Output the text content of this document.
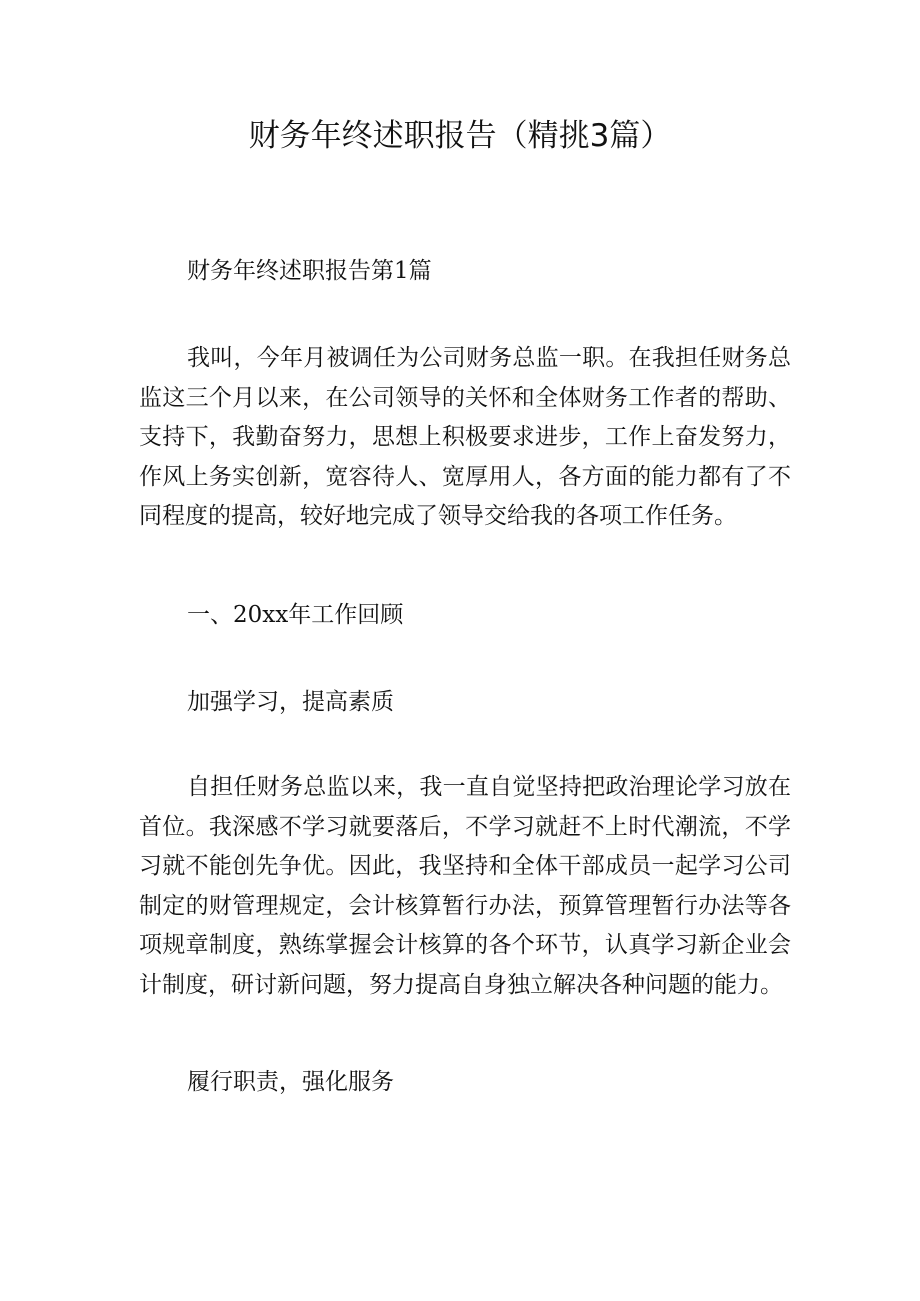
财务年终述职报告（精挑3篇）
财务年终述职报告第1篇

我叫，今年月被调任为公司财务总监一职。在我担任财务总监这三个月以来，在公司领导的关怀和全体财务工作者的帮助、支持下，我勤奋努力，思想上积极要求进步，工作上奋发努力，作风上务实创新，宽容待人、宽厚用人，各方面的能力都有了不同程度的提高，较好地完成了领导交给我的各项工作任务。

一、20xx年工作回顾
加强学习，提高素质

自担任财务总监以来，我一直自觉坚持把政治理论学习放在首位。我深感不学习就要落后，不学习就赶不上时代潮流，不学习就不能创先争优。因此，我坚持和全体干部成员一起学习公司制定的财管理规定，会计核算暂行办法，预算管理暂行办法等各项规章制度，熟练掌握会计核算的各个环节，认真学习新企业会计制度，研讨新问题，努力提高自身独立解决各种问题的能力。

履行职责，强化服务
